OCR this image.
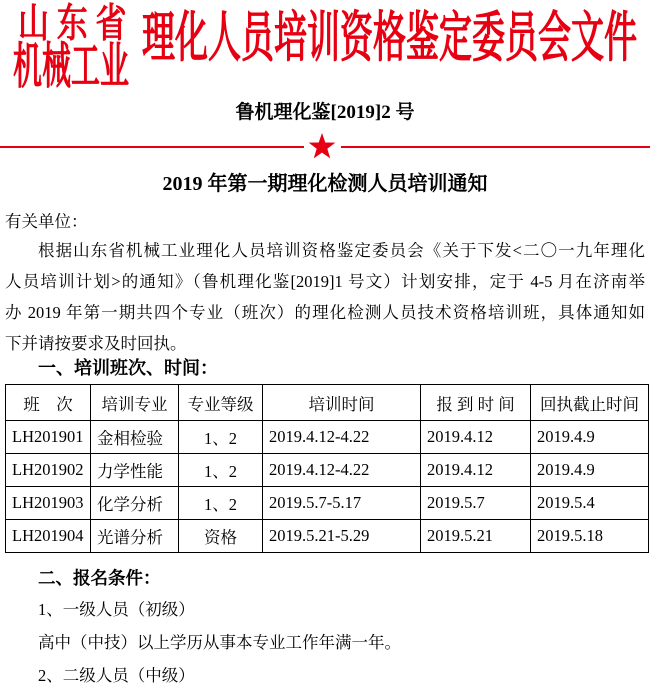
山 东 省
机械工业 理化人员培训资格鉴定委员会文件
鲁机理化鉴[2019]2 号
2019 年第一期理化检测人员培训通知
有关单位：
根据山东省机械工业理化人员培训资格鉴定委员会《关于下发<二〇一九年理化
人员培训计划>的通知》（鲁机理化鉴[2019]1 号文）计划安排，定于 4-5 月在济南举
办 2019 年第一期共四个专业（班次）的理化检测人员技术资格培训班，具体通知如
下并请按要求及时回执。
一、培训班次、时间：
班　次	培训专业	专业等级	培训时间	报 到 时 间	回执截止时间
LH201901	金相检验	1、2	2019.4.12-4.22	2019.4.12	2019.4.9
LH201902	力学性能	1、2	2019.4.12-4.22	2019.4.12	2019.4.9
LH201903	化学分析	1、2	2019.5.7-5.17	2019.5.7	2019.5.4
LH201904	光谱分析	资格	2019.5.21-5.29	2019.5.21	2019.5.18
二、报名条件：
1、一级人员（初级）
高中（中技）以上学历从事本专业工作年满一年。
2、二级人员（中级）
